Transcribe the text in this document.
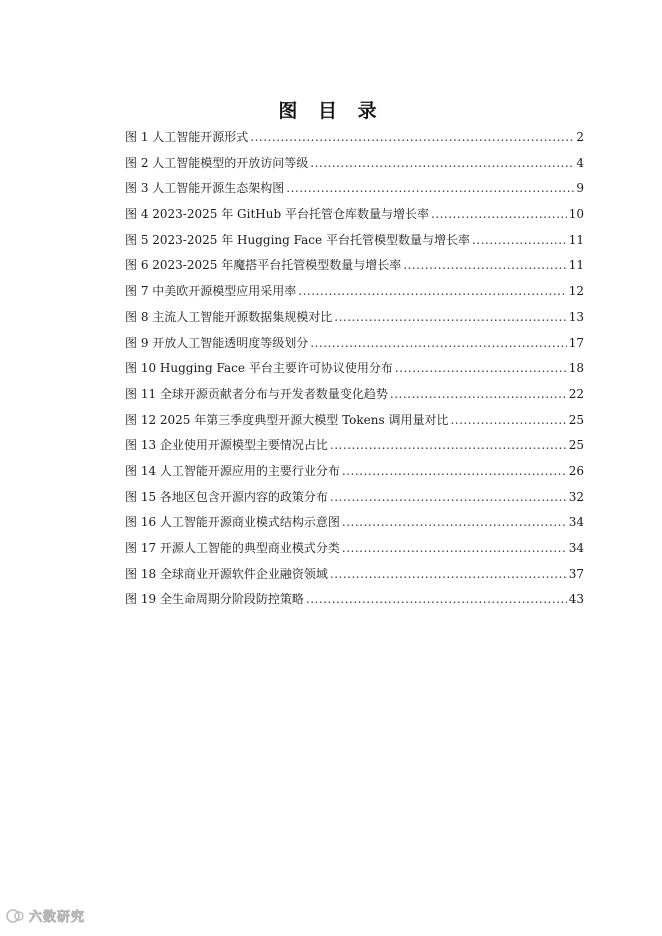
图 目 录
图 1 人工智能开源形式 .....	2
图 2 人工智能模型的开放访问等级 .....	4
图 3 人工智能开源生态架构图 .....	9
图 4 2023-2025 年 GitHub 平台托管仓库数量与增长率 .....	10
图 5 2023-2025 年 Hugging Face 平台托管模型数量与增长率 .....	11
图 6 2023-2025 年魔搭平台托管模型数量与增长率 .....	11
图 7 中美欧开源模型应用采用率 .....	12
图 8 主流人工智能开源数据集规模对比 .....	13
图 9 开放人工智能透明度等级划分 .....	17
图 10 Hugging Face 平台主要许可协议使用分布 .....	18
图 11 全球开源贡献者分布与开发者数量变化趋势 .....	22
图 12 2025 年第三季度典型开源大模型 Tokens 调用量对比 .....	25
图 13 企业使用开源模型主要情况占比 .....	25
图 14 人工智能开源应用的主要行业分布 .....	26
图 15 各地区包含开源内容的政策分布 .....	32
图 16 人工智能开源商业模式结构示意图 .....	34
图 17 开源人工智能的典型商业模式分类 .....	34
图 18 全球商业开源软件企业融资领域 .....	37
图 19 全生命周期分阶段防控策略 .....	43
六数研究
